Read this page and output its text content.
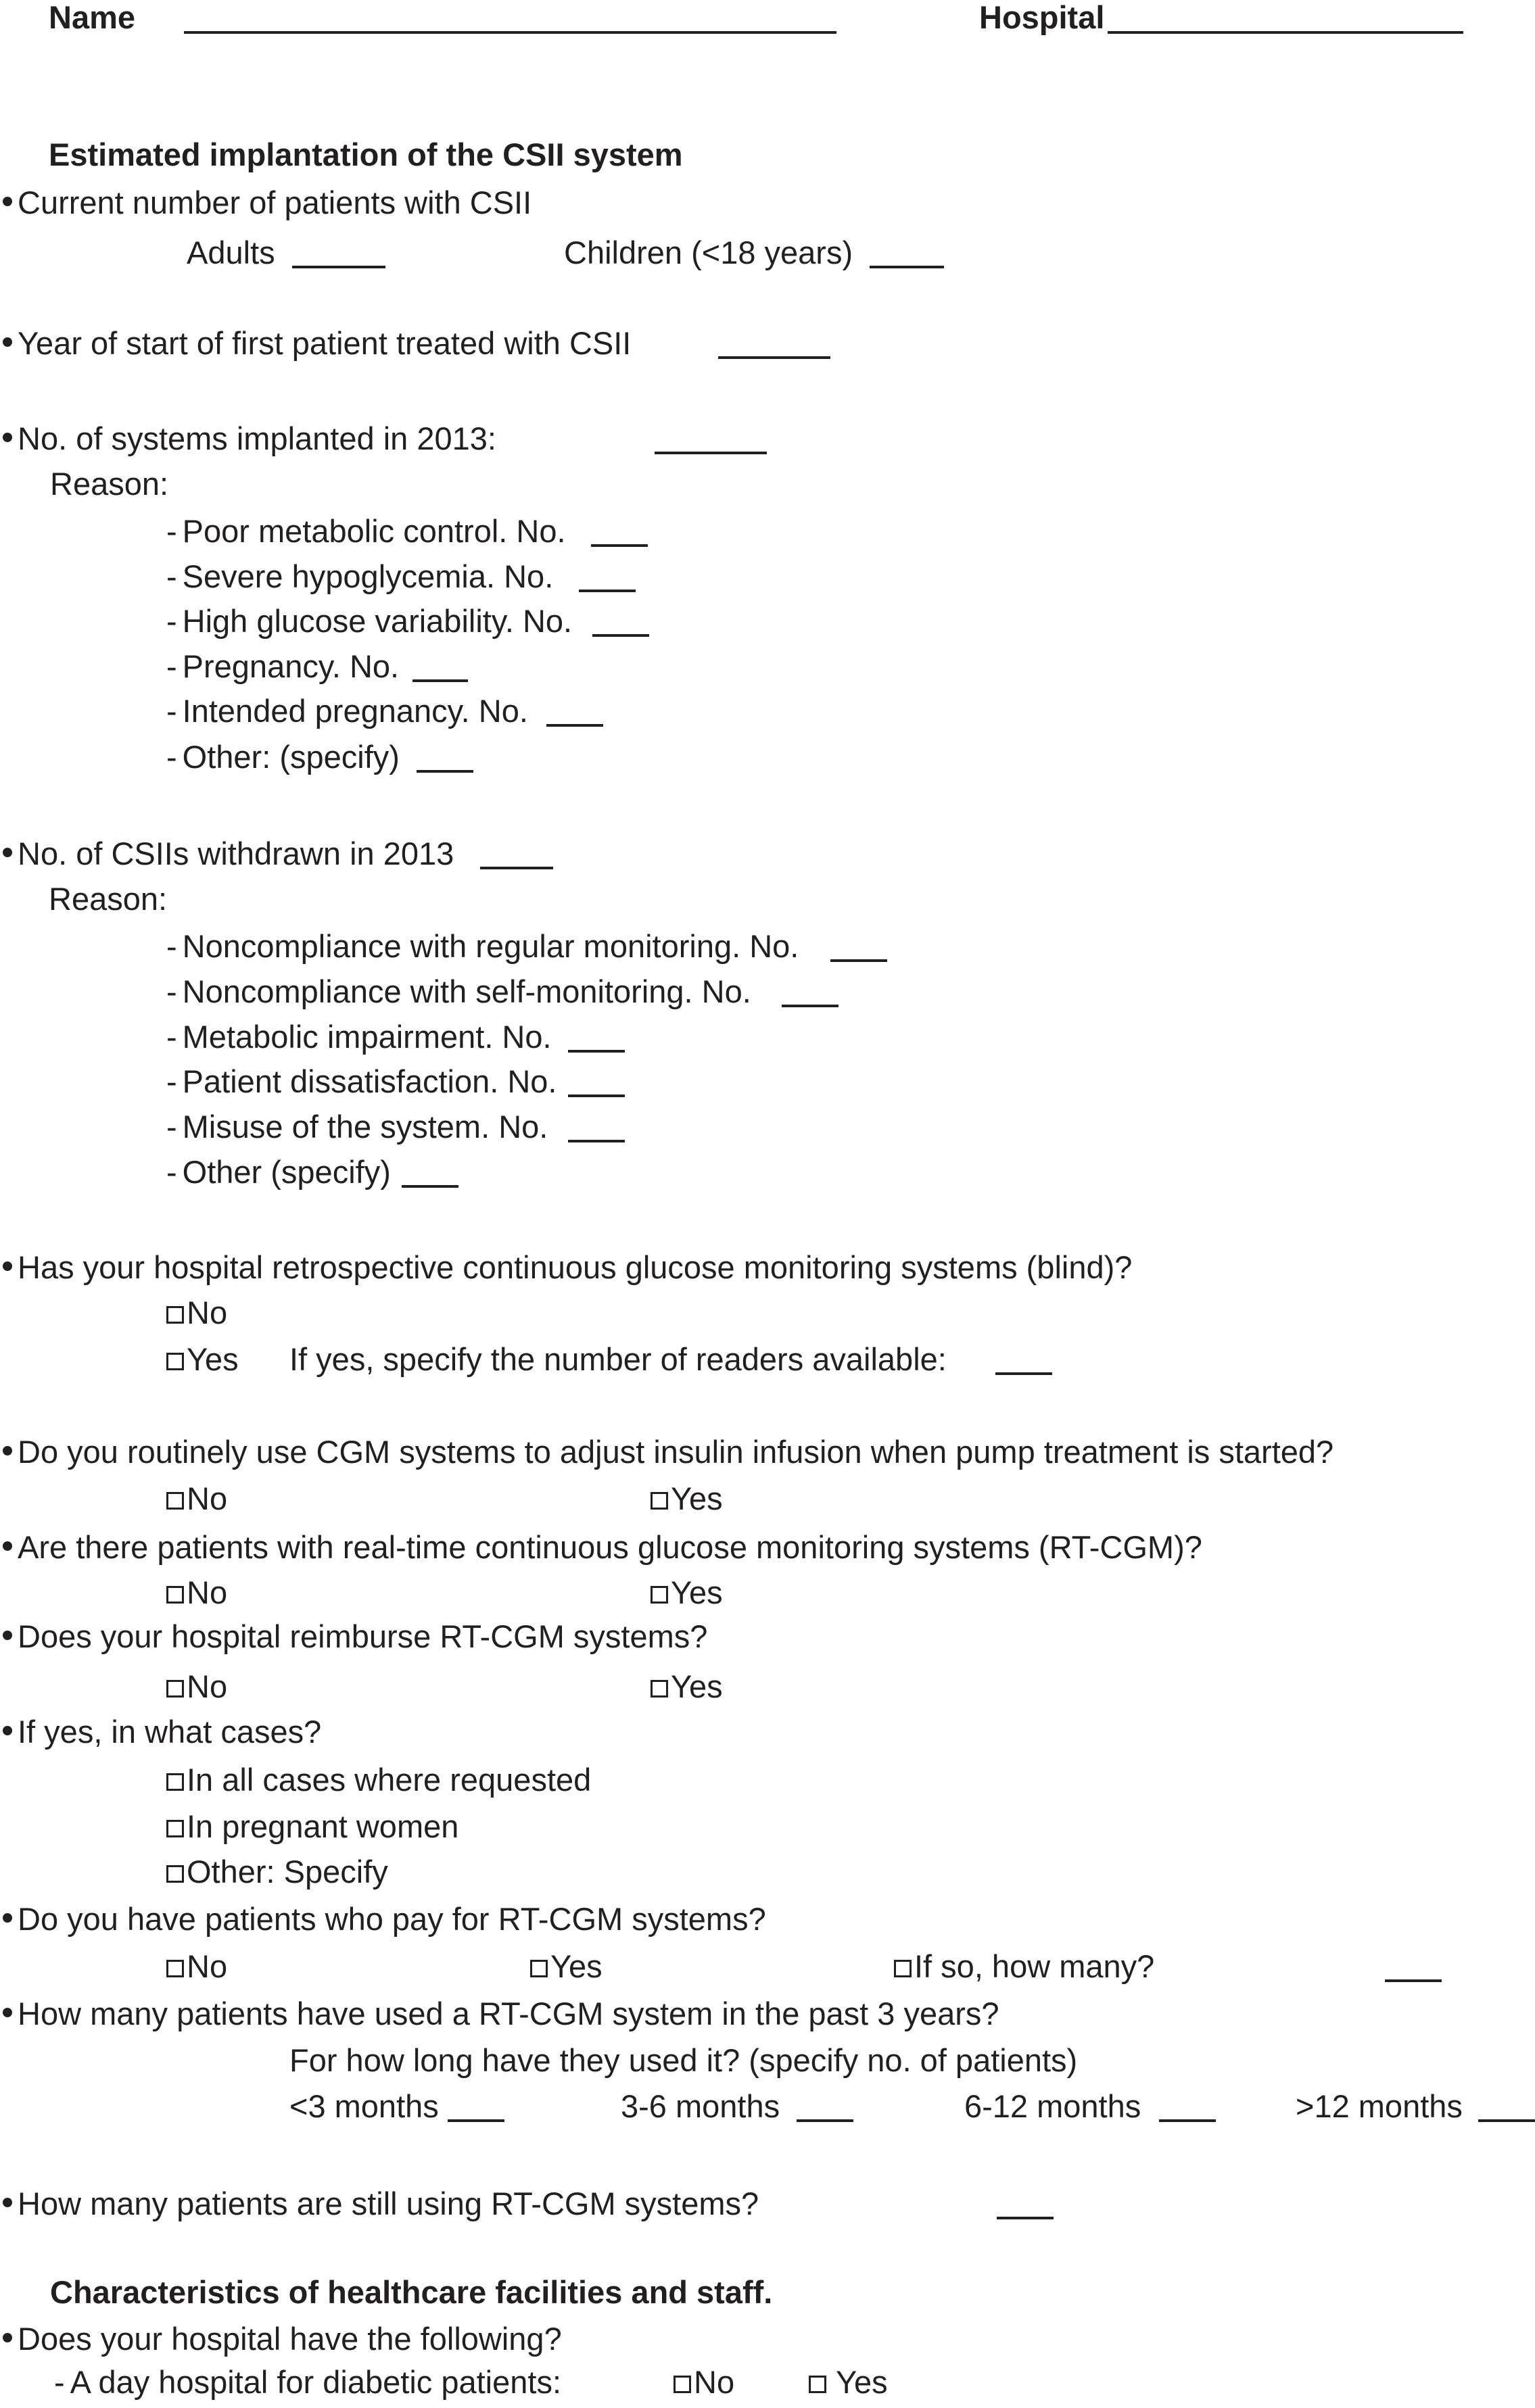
Name	Hospital
Estimated implantation of the CSII system
Current number of patients with CSII
Adults	Children (<18 years)
Year of start of first patient treated with CSII
No. of systems implanted in 2013:
Reason:
- Poor metabolic control. No.
- Severe hypoglycemia. No.
- High glucose variability. No.
- Pregnancy. No.
- Intended pregnancy. No.
- Other: (specify)
No. of CSIIs withdrawn in 2013
Reason:
- Noncompliance with regular monitoring. No.
- Noncompliance with self-monitoring. No.
- Metabolic impairment. No.
- Patient dissatisfaction. No.
- Misuse of the system. No.
- Other (specify)
Has your hospital retrospective continuous glucose monitoring systems (blind)?
No
Yes If yes, specify the number of readers available:
Do you routinely use CGM systems to adjust insulin infusion when pump treatment is started?
No	Yes
Are there patients with real-time continuous glucose monitoring systems (RT-CGM)?
No	Yes
Does your hospital reimburse RT-CGM systems?
No	Yes
If yes, in what cases?
In all cases where requested
In pregnant women
Other: Specify
Do you have patients who pay for RT-CGM systems?
No	Yes	If so, how many?
How many patients have used a RT-CGM system in the past 3 years?
For how long have they used it? (specify no. of patients)
<3 months	3-6 months	6-12 months	>12 months
How many patients are still using RT-CGM systems?
Characteristics of healthcare facilities and staff.
Does your hospital have the following?
- A day hospital for diabetic patients:	No	Yes
